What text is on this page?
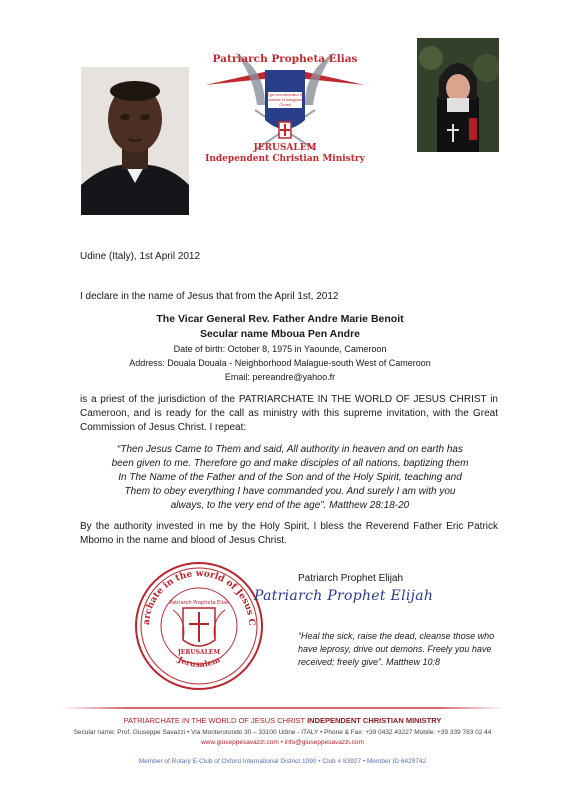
Patriarch Propheta Elias
Ego vos benedico in nomine et sanguine Christi
JERUSALEM
Independent Christian Ministry
Udine (Italy), 1st April 2012
I declare in the name of Jesus that from the April 1st, 2012
The Vicar General Rev. Father Andre Marie Benoit
Secular name Mboua Pen Andre
Date of birth: October 8, 1975 in Yaounde, Cameroon
Address: Douala Douala - Neighborhood Malague-south West of Cameroon
Email: pereandre@yahoo.fr
is a priest of the jurisdiction of the PATRIARCHATE IN THE WORLD OF JESUS CHRIST in Cameroon, and is ready for the call as ministry with this supreme invitation, with the Great Commission of Jesus Christ. I repeat:
“Then Jesus Came to Them and said, All authority in heaven and on earth has been given to me. Therefore go and make disciples of all nations, baptizing them In The Name of the Father and of the Son and of the Holy Spirit, teaching and Them to obey everything I have commanded you. And surely I am with you always, to the very end of the age”. Matthew 28:18-20
By the authority invested in me by the Holy Spirit, I bless the Reverend Father Eric Patrick Mbomo in the name and blood of Jesus Christ.
archate in the world of Jesus C
Jerusalem
Patriarch Propheta Elias
JERUSALEM
Patriarch Prophet Elijah
Patriarch Prophet Elijah
“Heal the sick, raise the dead, cleanse those who have leprosy, drive out demons. Freely you have received; freely give”. Matthew 10:8
PATRIARCHATE IN THE WORLD OF JESUS CHRIST INDEPENDENT CHRISTIAN MINISTRY
Secular name: Prof. Giuseppe Savazzi • Via Monterotondo 30 – 33100 Udine - ITALY • Phone & Fax: +39 0432 43227 Mobile: +39 339 783 02 44
www.giuseppesavazzi.com • info@giuseppesavazzi.com
Member of Rotary E-Club of Oxford International District 1090 • Club # 83927 • Member ID 6429742
